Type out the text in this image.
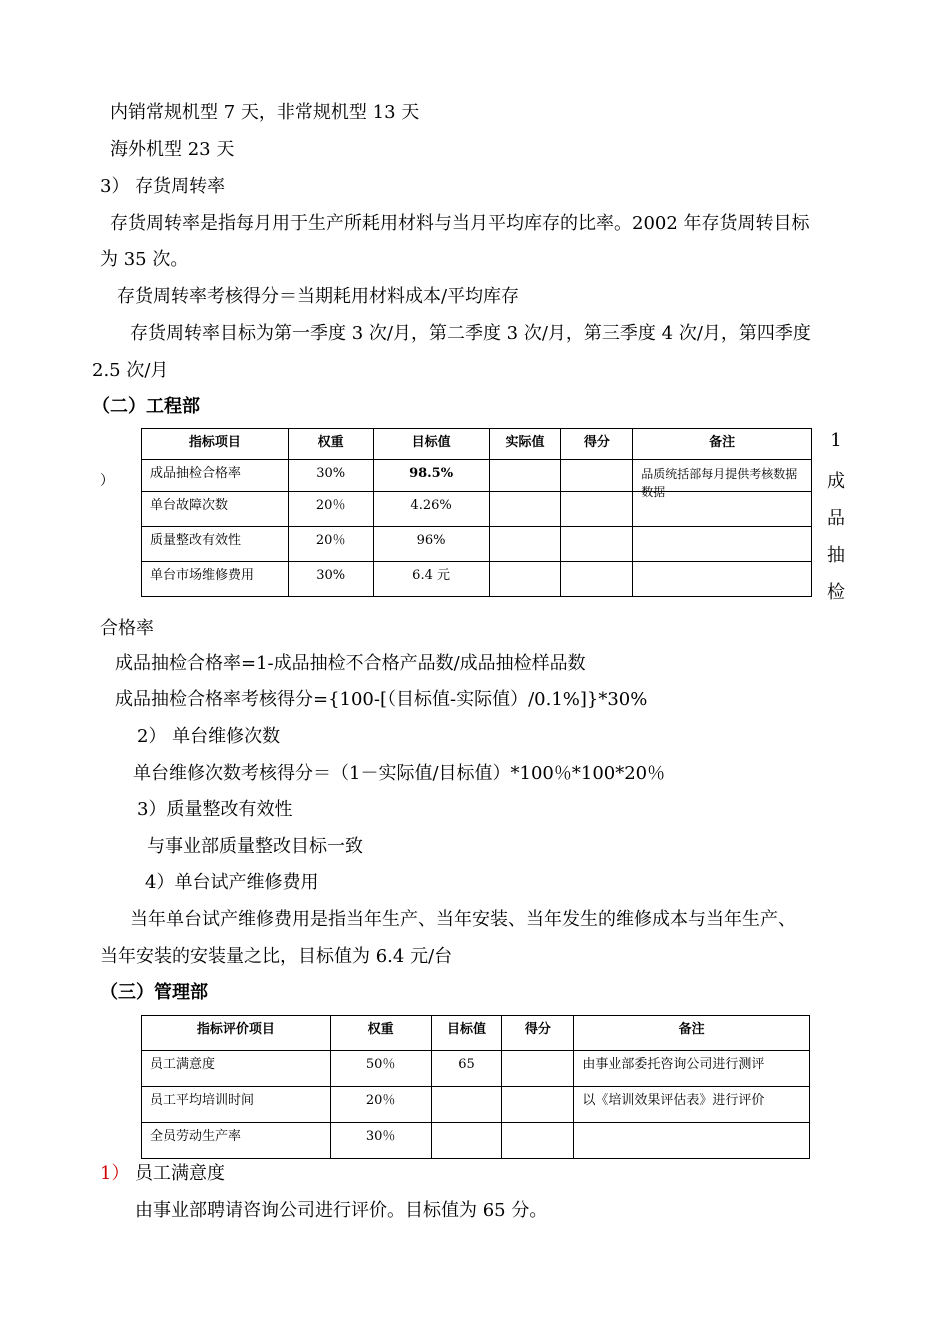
内销常规机型 7 天，非常规机型 13 天
海外机型 23 天
3） 存货周转率
存货周转率是指每月用于生产所耗用材料与当月平均库存的比率。2002 年存货周转目标
为 35 次。
存货周转率考核得分＝当期耗用材料成本/平均库存
存货周转率目标为第一季度 3 次/月，第二季度 3 次/月，第三季度 4 次/月，第四季度
2.5 次/月
（二）工程部
）
指标项目	权重	目标值	实际值	得分	备注

成品抽检合格率	30%	98.5%			品质统括部每月提供考核数据数据

单台故障次数	20％	4.26%			

质量整改有效性	20％	96%			

单台市场维修费用	30%	6.4 元			

1
成
品
抽
检
合格率
成品抽检合格率=1-成品抽检不合格产品数/成品抽检样品数
成品抽检合格率考核得分={100-[（目标值-实际值）/0.1%]}*30%
2） 单台维修次数
单台维修次数考核得分＝（1－实际值/目标值）*100％*100*20％
3）质量整改有效性
与事业部质量整改目标一致
4）单台试产维修费用
当年单台试产维修费用是指当年生产、当年安装、当年发生的维修成本与当年生产、
当年安装的安装量之比，目标值为 6.4 元/台
（三）管理部
指标评价项目	权重	目标值	得分	备注

员工满意度	50％	65		由事业部委托咨询公司进行测评

员工平均培训时间	20％			以《培训效果评估表》进行评价

全员劳动生产率	30％			

1） 员工满意度
由事业部聘请咨询公司进行评价。目标值为 65 分。
